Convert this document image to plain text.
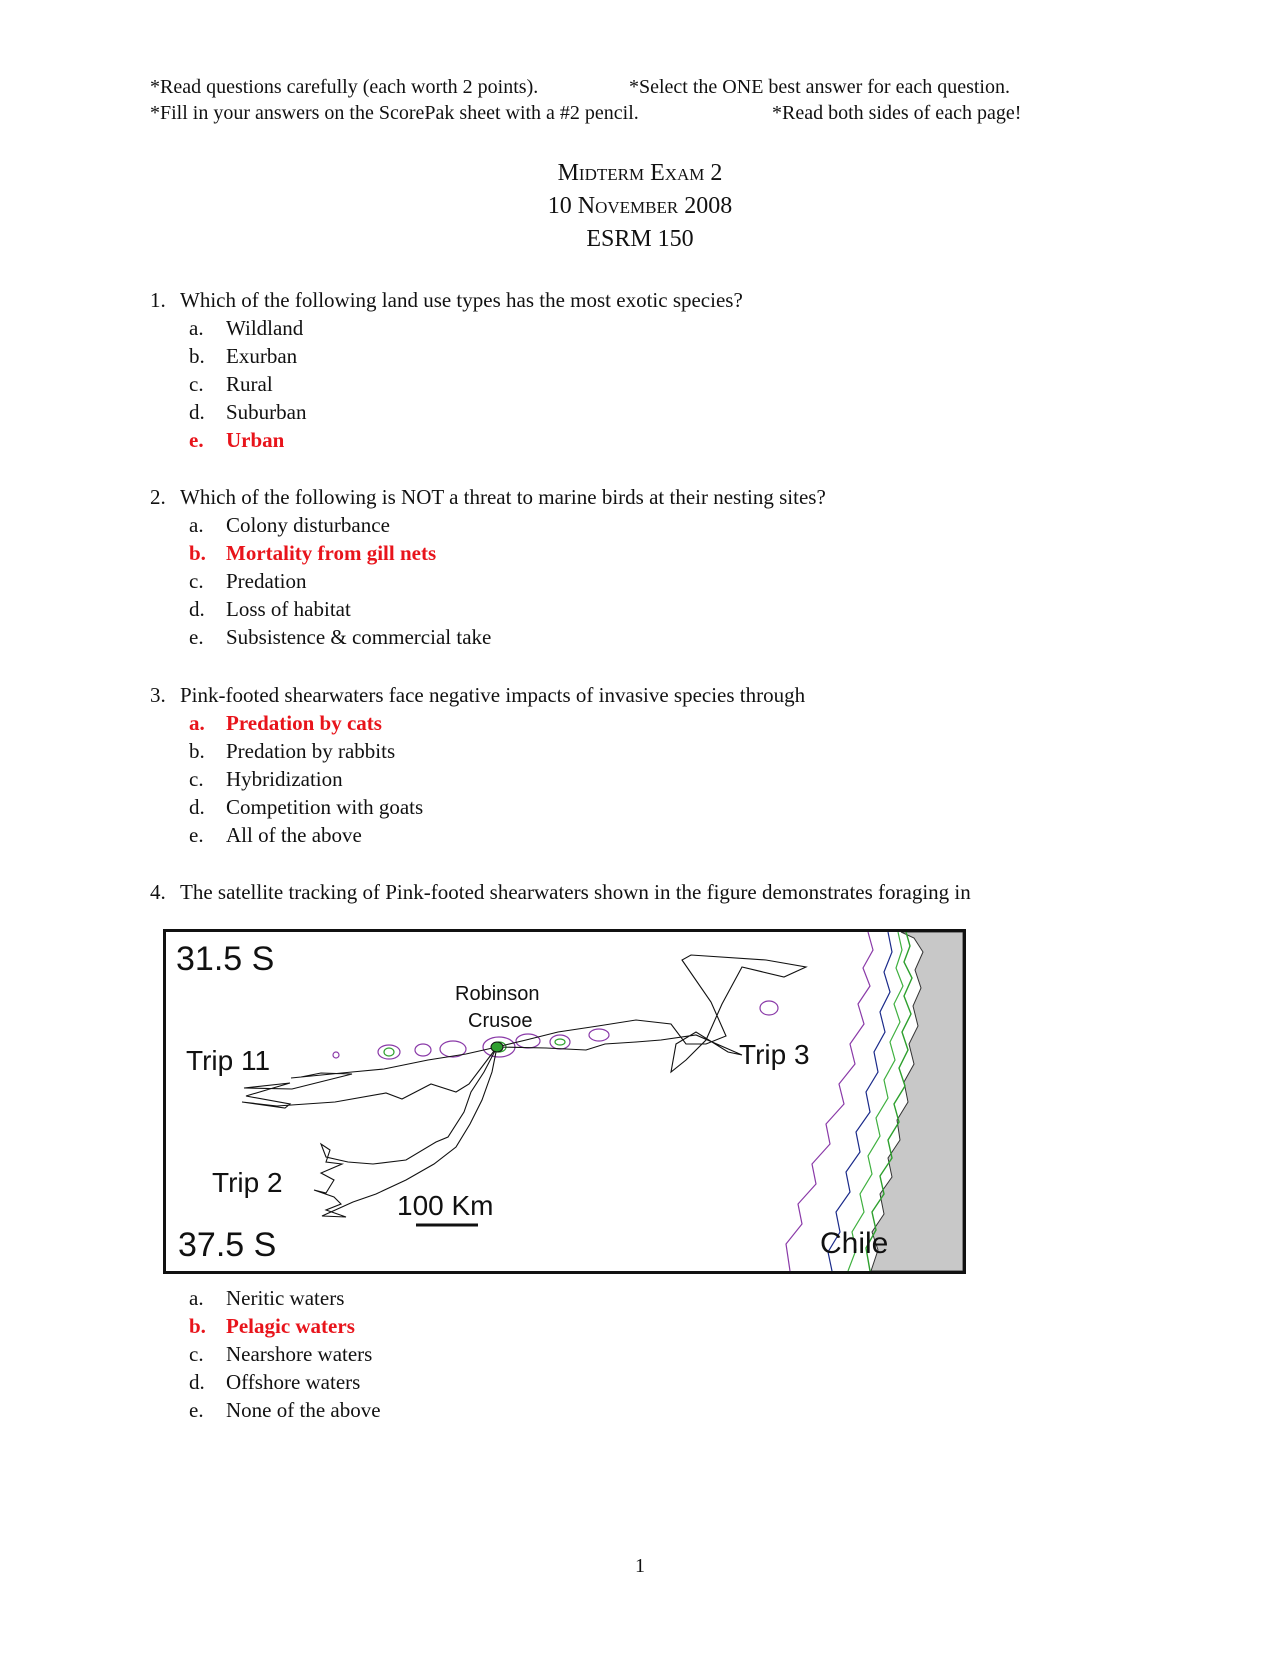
*Read questions carefully (each worth 2 points).	*Select the ONE best answer for each question.
*Fill in your answers on the ScorePak sheet with a #2 pencil.	*Read both sides of each page!
Midterm Exam 2
10 November 2008
ESRM 150
1. Which of the following land use types has the most exotic species?
a. Wildland
b. Exurban
c. Rural
d. Suburban
e. Urban
2. Which of the following is NOT a threat to marine birds at their nesting sites?
a. Colony disturbance
b. Mortality from gill nets
c. Predation
d. Loss of habitat
e. Subsistence & commercial take
3. Pink-footed shearwaters face negative impacts of invasive species through
a. Predation by cats
b. Predation by rabbits
c. Hybridization
d. Competition with goats
e. All of the above
4. The satellite tracking of Pink-footed shearwaters shown in the figure demonstrates foraging in
31.5 S
37.5 S
Robinson
Crusoe
Trip 11	Trip 3
Trip 2
100 Km
Chile
a. Neritic waters
b. Pelagic waters
c. Nearshore waters
d. Offshore waters
e. None of the above
1
